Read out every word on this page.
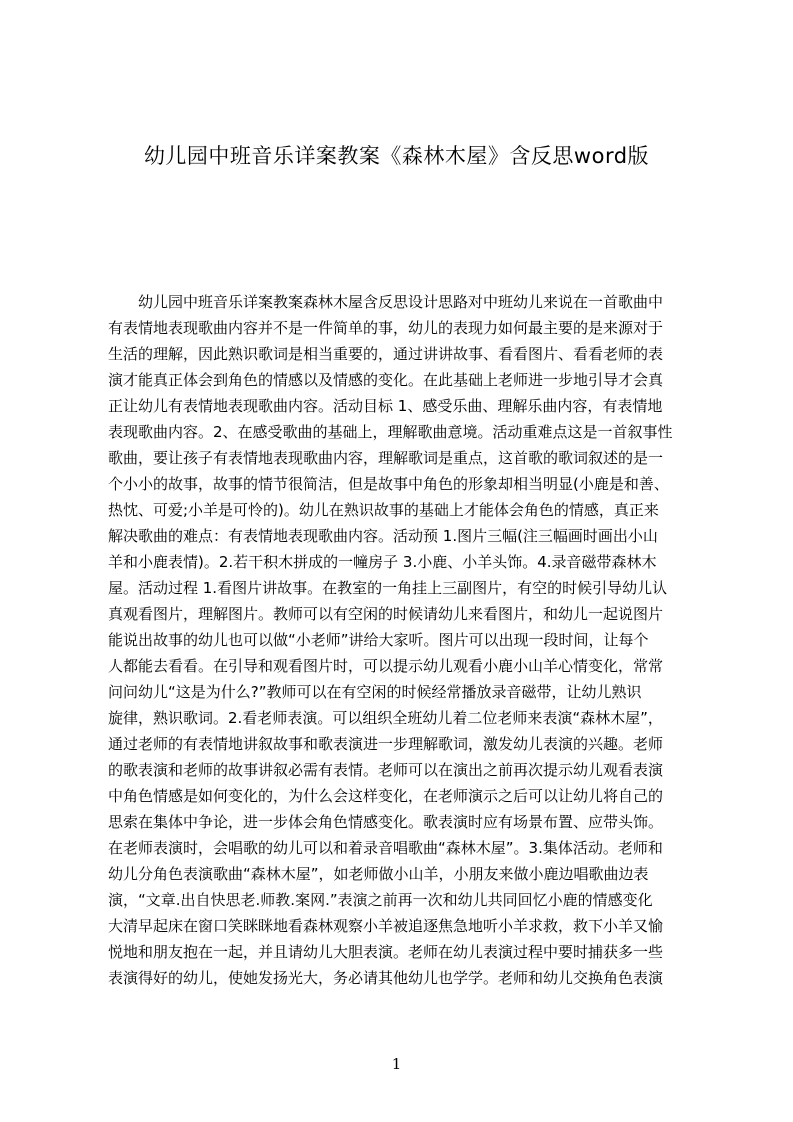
幼儿园中班音乐详案教案《森林木屋》含反思word版
　　幼儿园中班音乐详案教案森林木屋含反思设计思路对中班幼儿来说在一首歌曲中
有表情地表现歌曲内容并不是一件简单的事，幼儿的表现力如何最主要的是来源对于
生活的理解，因此熟识歌词是相当重要的，通过讲讲故事、看看图片、看看老师的表
演才能真正体会到角色的情感以及情感的变化。在此基础上老师进一步地引导才会真
正让幼儿有表情地表现歌曲内容。活动目标 1、感受乐曲、理解乐曲内容，有表情地
表现歌曲内容。2、在感受歌曲的基础上，理解歌曲意境。活动重难点这是一首叙事性
歌曲，要让孩子有表情地表现歌曲内容，理解歌词是重点，这首歌的歌词叙述的是一
个小小的故事，故事的情节很简洁，但是故事中角色的形象却相当明显(小鹿是和善、
热忱、可爱;小羊是可怜的)。幼儿在熟识故事的基础上才能体会角色的情感，真正来
解决歌曲的难点：有表情地表现歌曲内容。活动预 1.图片三幅(注三幅画时画出小山
羊和小鹿表情)。2.若干积木拼成的一幢房子 3.小鹿、小羊头饰。4.录音磁带森林木
屋。活动过程 1.看图片讲故事。在教室的一角挂上三副图片，有空的时候引导幼儿认
真观看图片，理解图片。教师可以有空闲的时候请幼儿来看图片，和幼儿一起说图片
能说出故事的幼儿也可以做“小老师”讲给大家听。图片可以出现一段时间，让每个
人都能去看看。在引导和观看图片时，可以提示幼儿观看小鹿小山羊心情变化，常常
问问幼儿“这是为什么?”教师可以在有空闲的时候经常播放录音磁带，让幼儿熟识
旋律，熟识歌词。2.看老师表演。可以组织全班幼儿着二位老师来表演“森林木屋”，
通过老师的有表情地讲叙故事和歌表演进一步理解歌词，激发幼儿表演的兴趣。老师
的歌表演和老师的故事讲叙必需有表情。老师可以在演出之前再次提示幼儿观看表演
中角色情感是如何变化的，为什么会这样变化，在老师演示之后可以让幼儿将自己的
思索在集体中争论，进一步体会角色情感变化。歌表演时应有场景布置、应带头饰。
在老师表演时，会唱歌的幼儿可以和着录音唱歌曲“森林木屋”。3.集体活动。老师和
幼儿分角色表演歌曲“森林木屋”，如老师做小山羊，小朋友来做小鹿边唱歌曲边表
演，“文章.出自快思老.师教.案网.”表演之前再一次和幼儿共同回忆小鹿的情感变化
大清早起床在窗口笑眯眯地看森林观察小羊被追逐焦急地听小羊求救，救下小羊又愉
悦地和朋友抱在一起，并且请幼儿大胆表演。老师在幼儿表演过程中要时捕获多一些
表演得好的幼儿，使她发扬光大，务必请其他幼儿也学学。老师和幼儿交换角色表演
1
